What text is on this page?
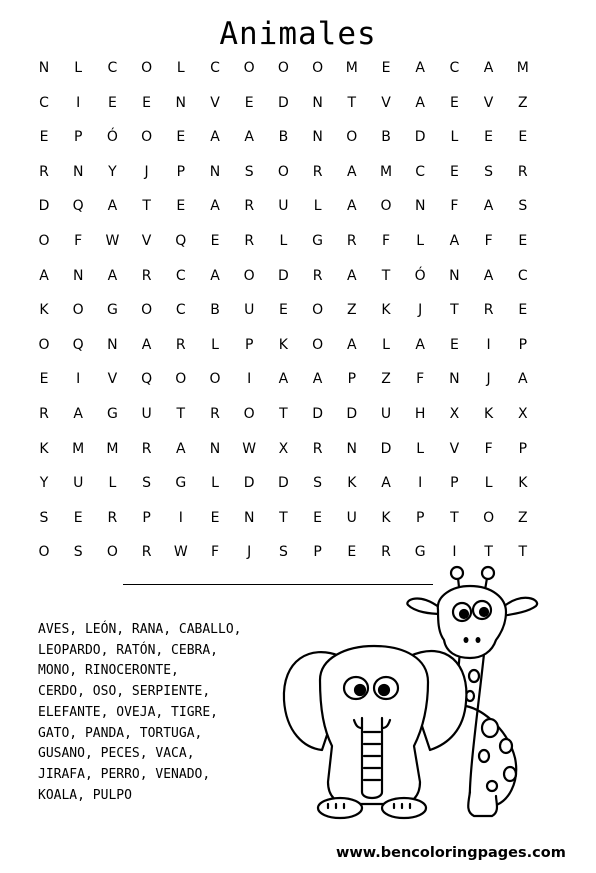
Animales
N	L	C	O	L	C	O	O	O	M	E	A	C	A	M
C	I	E	E	N	V	E	D	N	T	V	A	E	V	Z
E	P	Ó	O	E	A	A	B	N	O	B	D	L	E	E
R	N	Y	J	P	N	S	O	R	A	M	C	E	S	R
D	Q	A	T	E	A	R	U	L	A	O	N	F	A	S
O	F	W	V	Q	E	R	L	G	R	F	L	A	F	E
A	N	A	R	C	A	O	D	R	A	T	Ó	N	A	C
K	O	G	O	C	B	U	E	O	Z	K	J	T	R	E
O	Q	N	A	R	L	P	K	O	A	L	A	E	I	P
E	I	V	Q	O	O	I	A	A	P	Z	F	N	J	A
R	A	G	U	T	R	O	T	D	D	U	H	X	K	X
K	M	M	R	A	N	W	X	R	N	D	L	V	F	P
Y	U	L	S	G	L	D	D	S	K	A	I	P	L	K
S	E	R	P	I	E	N	T	E	U	K	P	T	O	Z
O	S	O	R	W	F	J	S	P	E	R	G	I	T	T
AVES, LEÓN, RANA, CABALLO,
LEOPARDO, RATÓN, CEBRA,
MONO, RINOCERONTE,
CERDO, OSO, SERPIENTE,
ELEFANTE, OVEJA, TIGRE,
GATO, PANDA, TORTUGA,
GUSANO, PECES, VACA,
JIRAFA, PERRO, VENADO,
KOALA, PULPO
www.bencoloringpages.com
